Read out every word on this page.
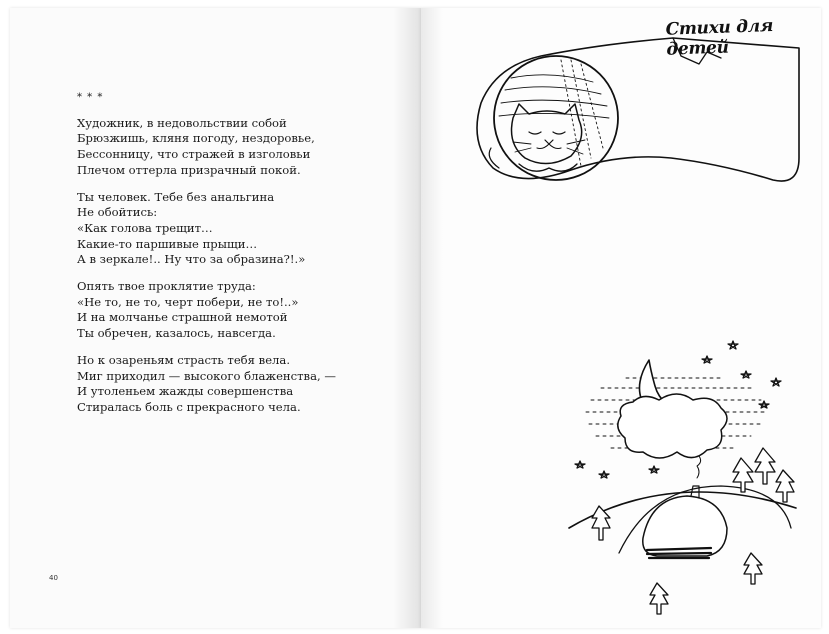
* * *
Художник, в недовольствии собой
Брюзжишь, кляня погоду, нездоровье,
Бессонницу, что стражей в изголовьи
Плечом оттерла призрачный покой.
Ты человек. Тебе без анальгина
Не обойтись:
«Как голова трещит…
Какие-то паршивые прыщи…
А в зеркале!.. Ну что за образина?!.»
Опять твое проклятие труда:
«Не то, не то, черт побери, не то!..»
И на молчанье страшной немотой
Ты обречен, казалось, навсегда.
Но к озареньям страсть тебя вела.
Миг приходил — высокого блаженства, —
И утоленьем жажды совершенства
Стиралась боль с прекрасного чела.
40
Стихи для детей
